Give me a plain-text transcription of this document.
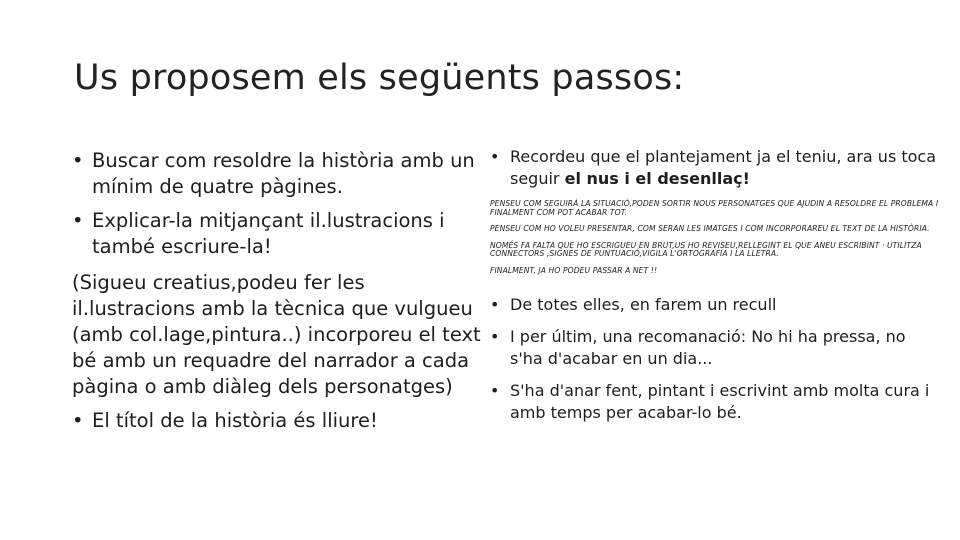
Us proposem els següents passos:
• Buscar com resoldre la història amb un mínim de quatre pàgines.
• Explicar-la mitjançant il.lustracions i també escriure-la!
(Sigueu creatius,podeu fer les il.lustracions amb la tècnica que vulgueu (amb col.lage,pintura..) incorporeu el text bé amb un requadre del narrador a cada pàgina o amb diàleg dels personatges)
• El títol de la història és lliure!
• Recordeu que el plantejament ja el teniu, ara us toca seguir el nus i el desenllaç!
PENSEU COM SEGUIRÀ LA SITUACIÓ,PODEN SORTIR NOUS PERSONATGES QUE AJUDIN A RESOLDRE EL PROBLEMA I FINALMENT COM POT ACABAR TOT.
PENSEU COM HO VOLEU PRESENTAR, COM SERAN LES IMATGES I COM INCORPORAREU EL TEXT DE LA HISTÒRIA.
NOMÉS FA FALTA QUE HO ESCRIGUEU EN BRUT,US HO REVISEU,RELLEGINT EL QUE ANEU ESCRIBINT · UTILITZA CONNECTORS ,SIGNES DE PUNTUACIÓ,VIGILA L'ORTOGRAFIA I LA LLETRA.
FINALMENT, JA HO PODEU PASSAR A NET !!
• De totes elles, en farem un recull
• I per últim, una recomanació: No hi ha pressa, no s'ha d'acabar en un dia...
• S'ha d'anar fent, pintant i escrivint amb molta cura i amb temps per acabar-lo bé.
